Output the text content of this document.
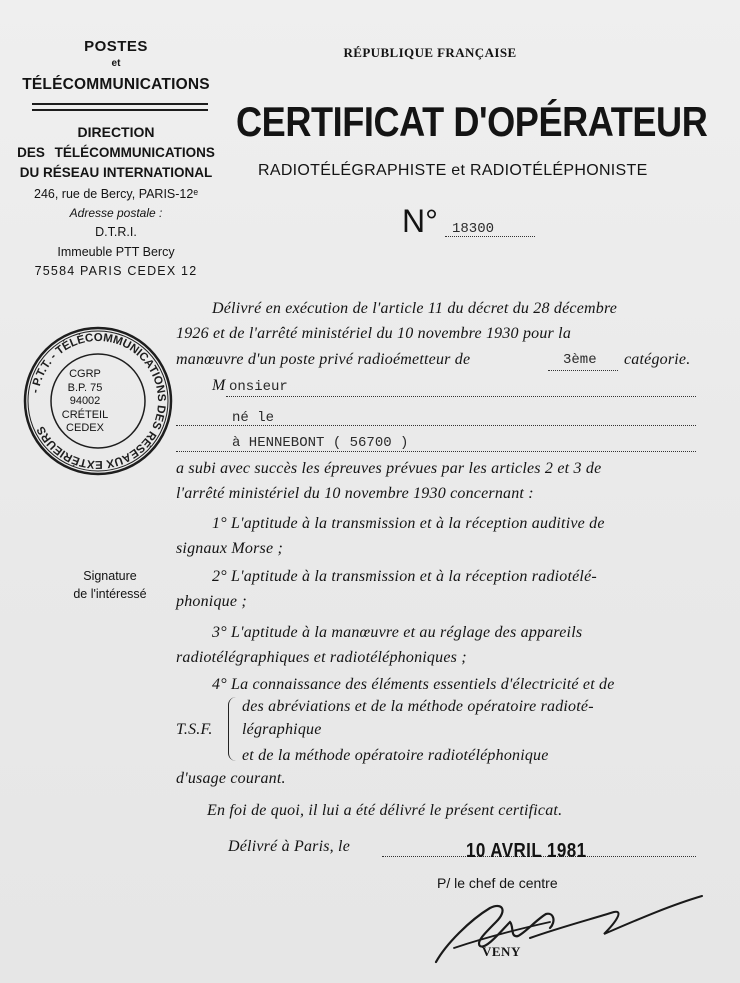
POSTES
et
TÉLÉCOMMUNICATIONS
DIRECTION
DES TÉLÉCOMMUNICATIONS
DU RÉSEAU INTERNATIONAL
246, rue de Bercy, PARIS-12ᵉ
Adresse postale :
D.T.R.I.
Immeuble PTT Bercy
75584 PARIS CEDEX 12
RÉPUBLIQUE FRANÇAISE
CERTIFICAT D'OPÉRATEUR
RADIOTÉLÉGRAPHISTE et RADIOTÉLÉPHONISTE
N° 18300
- P.T.T. - TÉLÉCOMMUNICATIONS DES RÉSEAUX EXTÉRIEURS
CGRP
B.P. 75
94002
CRÉTEIL
CEDEX
Délivré en exécution de l'article 11 du décret du 28 décembre
1926 et de l'arrêté ministériel du 10 novembre 1930 pour la
manœuvre d'un poste privé radioémetteur de	3ème catégorie.
M onsieur
né le
à HENNEBONT ( 56700 )
a subi avec succès les épreuves prévues par les articles 2 et 3 de
l'arrêté ministériel du 10 novembre 1930 concernant :
1° L'aptitude à la transmission et à la réception auditive de
signaux Morse ;
Signature
de l'intéressé
2° L'aptitude à la transmission et à la réception radiotélé-
phonique ;
3° L'aptitude à la manœuvre et au réglage des appareils
radiotélégraphiques et radiotéléphoniques ;
4° La connaissance des éléments essentiels d'électricité et de
des abréviations et de la méthode opératoire radioté-
T.S.F. légraphique
et de la méthode opératoire radiotéléphonique
d'usage courant.
En foi de quoi, il lui a été délivré le présent certificat.
Délivré à Paris, le	10 AVRIL 1981
P/ le chef de centre
VENY
